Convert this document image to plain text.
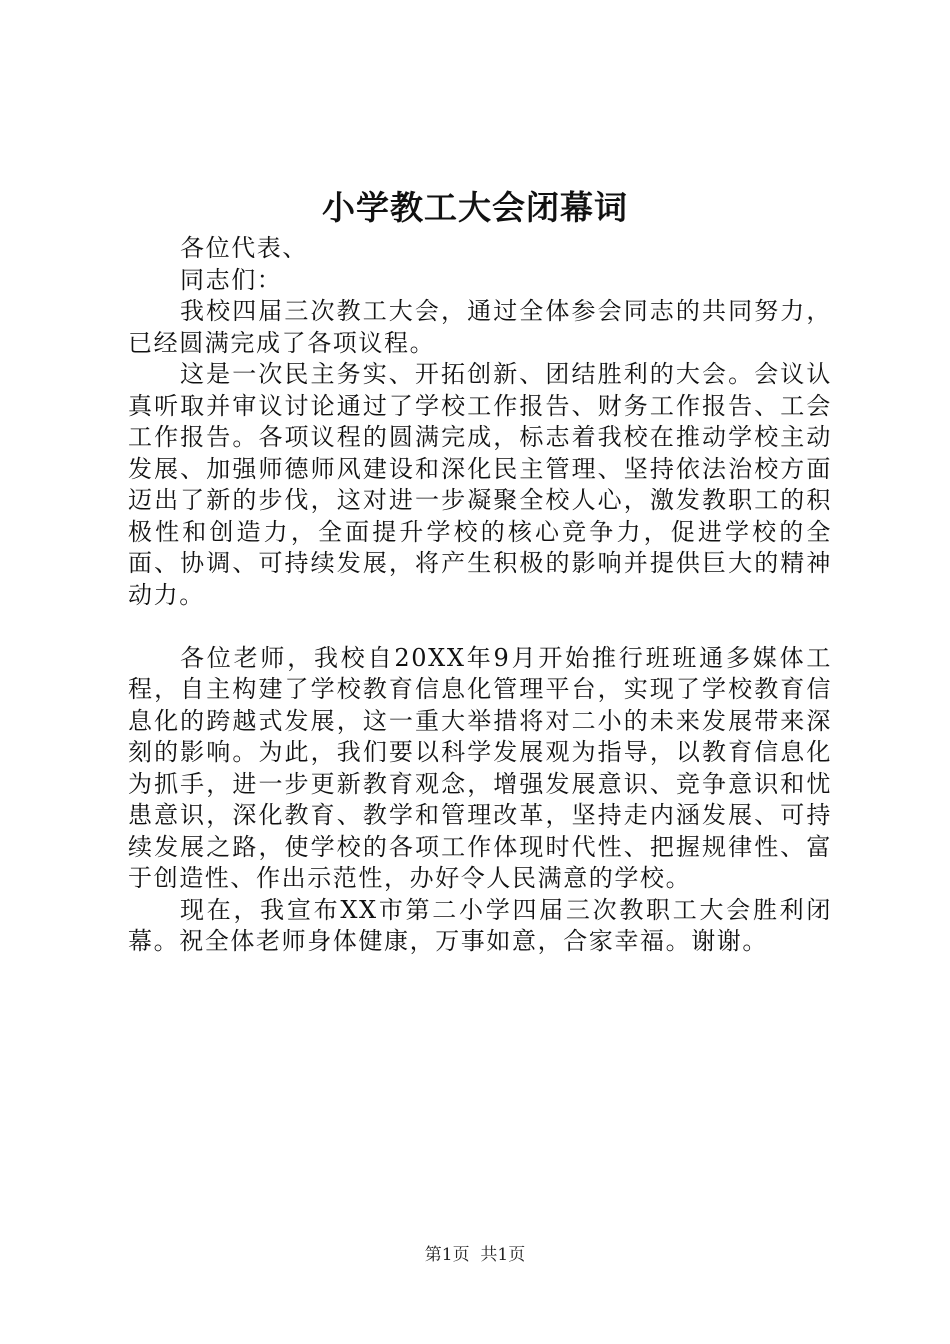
小学教工大会闭幕词

各位代表、

同志们：

我校四届三次教工大会，通过全体参会同志的共同努力，已经圆满完成了各项议程。

这是一次民主务实、开拓创新、团结胜利的大会。会议认真听取并审议讨论通过了学校工作报告、财务工作报告、工会工作报告。各项议程的圆满完成，标志着我校在推动学校主动发展、加强师德师风建设和深化民主管理、坚持依法治校方面迈出了新的步伐，这对进一步凝聚全校人心，激发教职工的积极性和创造力，全面提升学校的核心竞争力，促进学校的全面、协调、可持续发展，将产生积极的影响并提供巨大的精神动力。

各位老师，我校自20XX年9月开始推行班班通多媒体工程，自主构建了学校教育信息化管理平台，实现了学校教育信息化的跨越式发展，这一重大举措将对二小的未来发展带来深刻的影响。为此，我们要以科学发展观为指导，以教育信息化为抓手，进一步更新教育观念，增强发展意识、竞争意识和忧患意识，深化教育、教学和管理改革，坚持走内涵发展、可持续发展之路，使学校的各项工作体现时代性、把握规律性、富于创造性、作出示范性，办好令人民满意的学校。

现在，我宣布XX市第二小学四届三次教职工大会胜利闭幕。祝全体老师身体健康，万事如意，合家幸福。谢谢。

第1页  共1页
